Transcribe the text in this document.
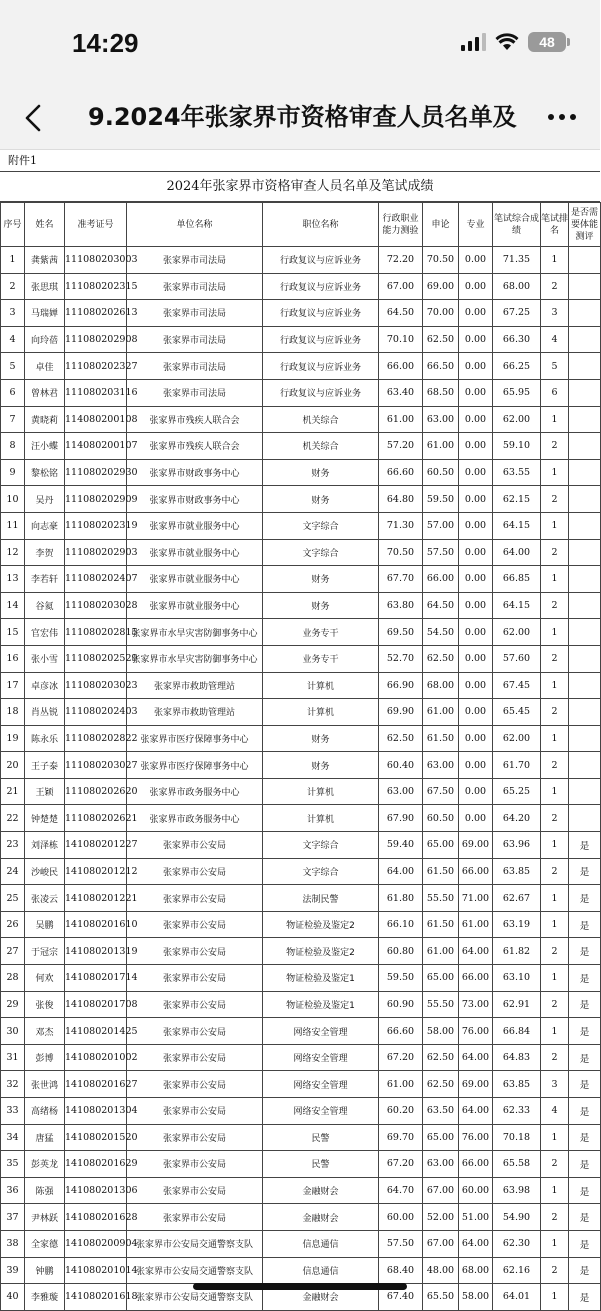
14:29	48
9.2024年张家界市资格审查人员名单及
附件1
2024年张家界市资格审查人员名单及笔试成绩
序号	姓名	准考证号	单位名称	职位名称	行政职业能力测验	申论	专业	笔试综合成绩	笔试排名	是否需要体能测评
1	龚紫茜	111080203003	张家界市司法局	行政复议与应诉业务	72.20	70.50	0.00	71.35	1	
2	张思琪	111080202315	张家界市司法局	行政复议与应诉业务	67.00	69.00	0.00	68.00	2	
3	马瑞婵	111080202613	张家界市司法局	行政复议与应诉业务	64.50	70.00	0.00	67.25	3	
4	向玲蓓	111080202908	张家界市司法局	行政复议与应诉业务	70.10	62.50	0.00	66.30	4	
5	卓佳	111080202327	张家界市司法局	行政复议与应诉业务	66.00	66.50	0.00	66.25	5	
6	曾林君	111080203116	张家界市司法局	行政复议与应诉业务	63.40	68.50	0.00	65.95	6	
7	黄晓莉	114080200108	张家界市残疾人联合会	机关综合	61.00	63.00	0.00	62.00	1	
8	汪小蝶	114080200107	张家界市残疾人联合会	机关综合	57.20	61.00	0.00	59.10	2	
9	黎松铭	111080202930	张家界市财政事务中心	财务	66.60	60.50	0.00	63.55	1	
10	吴丹	111080202909	张家界市财政事务中心	财务	64.80	59.50	0.00	62.15	2	
11	向志豪	111080202319	张家界市就业服务中心	文字综合	71.30	57.00	0.00	64.15	1	
12	李贺	111080202903	张家界市就业服务中心	文字综合	70.50	57.50	0.00	64.00	2	
13	李若轩	111080202407	张家界市就业服务中心	财务	67.70	66.00	0.00	66.85	1	
14	谷氦	111080203028	张家界市就业服务中心	财务	63.80	64.50	0.00	64.15	2	
15	官宏伟	111080202815	张家界市水旱灾害防御事务中心	业务专干	69.50	54.50	0.00	62.00	1	
16	张小雪	111080202529	张家界市水旱灾害防御事务中心	业务专干	52.70	62.50	0.00	57.60	2	
17	卓彦冰	111080203023	张家界市救助管理站	计算机	66.90	68.00	0.00	67.45	1	
18	肖丛锐	111080202403	张家界市救助管理站	计算机	69.90	61.00	0.00	65.45	2	
19	陈永乐	111080202822	张家界市医疗保障事务中心	财务	62.50	61.50	0.00	62.00	1	
20	王子泰	111080203027	张家界市医疗保障事务中心	财务	60.40	63.00	0.00	61.70	2	
21	王颖	111080202620	张家界市政务服务中心	计算机	63.00	67.50	0.00	65.25	1	
22	钟楚楚	111080202621	张家界市政务服务中心	计算机	67.90	60.50	0.00	64.20	2	
23	刘泽栋	141080201227	张家界市公安局	文字综合	59.40	65.00	69.00	63.96	1	是
24	沙峻民	141080201212	张家界市公安局	文字综合	64.00	61.50	66.00	63.85	2	是
25	张凌云	141080201221	张家界市公安局	法制民警	61.80	55.50	71.00	62.67	1	是
26	吴鹏	141080201610	张家界市公安局	物证检验及鉴定2	66.10	61.50	61.00	63.19	1	是
27	于冠宗	141080201319	张家界市公安局	物证检验及鉴定2	60.80	61.00	64.00	61.82	2	是
28	何欢	141080201714	张家界市公安局	物证检验及鉴定1	59.50	65.00	66.00	63.10	1	是
29	张俊	141080201708	张家界市公安局	物证检验及鉴定1	60.90	55.50	73.00	62.91	2	是
30	邓杰	141080201425	张家界市公安局	网络安全管理	66.60	58.00	76.00	66.84	1	是
31	彭博	141080201002	张家界市公安局	网络安全管理	67.20	62.50	64.00	64.83	2	是
32	张世鸿	141080201627	张家界市公安局	网络安全管理	61.00	62.50	69.00	63.85	3	是
33	高绪杨	141080201304	张家界市公安局	网络安全管理	60.20	63.50	64.00	62.33	4	是
34	唐猛	141080201520	张家界市公安局	民警	69.70	65.00	76.00	70.18	1	是
35	彭英龙	141080201629	张家界市公安局	民警	67.20	63.00	66.00	65.58	2	是
36	陈强	141080201306	张家界市公安局	金融财会	64.70	67.00	60.00	63.98	1	是
37	尹林跃	141080201628	张家界市公安局	金融财会	60.00	52.00	51.00	54.90	2	是
38	全家德	141080200904	张家界市公安局交通警察支队	信息通信	57.50	67.00	64.00	62.30	1	是
39	钟鹏	141080201014	张家界市公安局交通警察支队	信息通信	68.40	48.00	68.00	62.16	2	是
40	李雅璇	141080201618	张家界市公安局交通警察支队	金融财会	67.40	65.50	58.00	64.01	1	是
